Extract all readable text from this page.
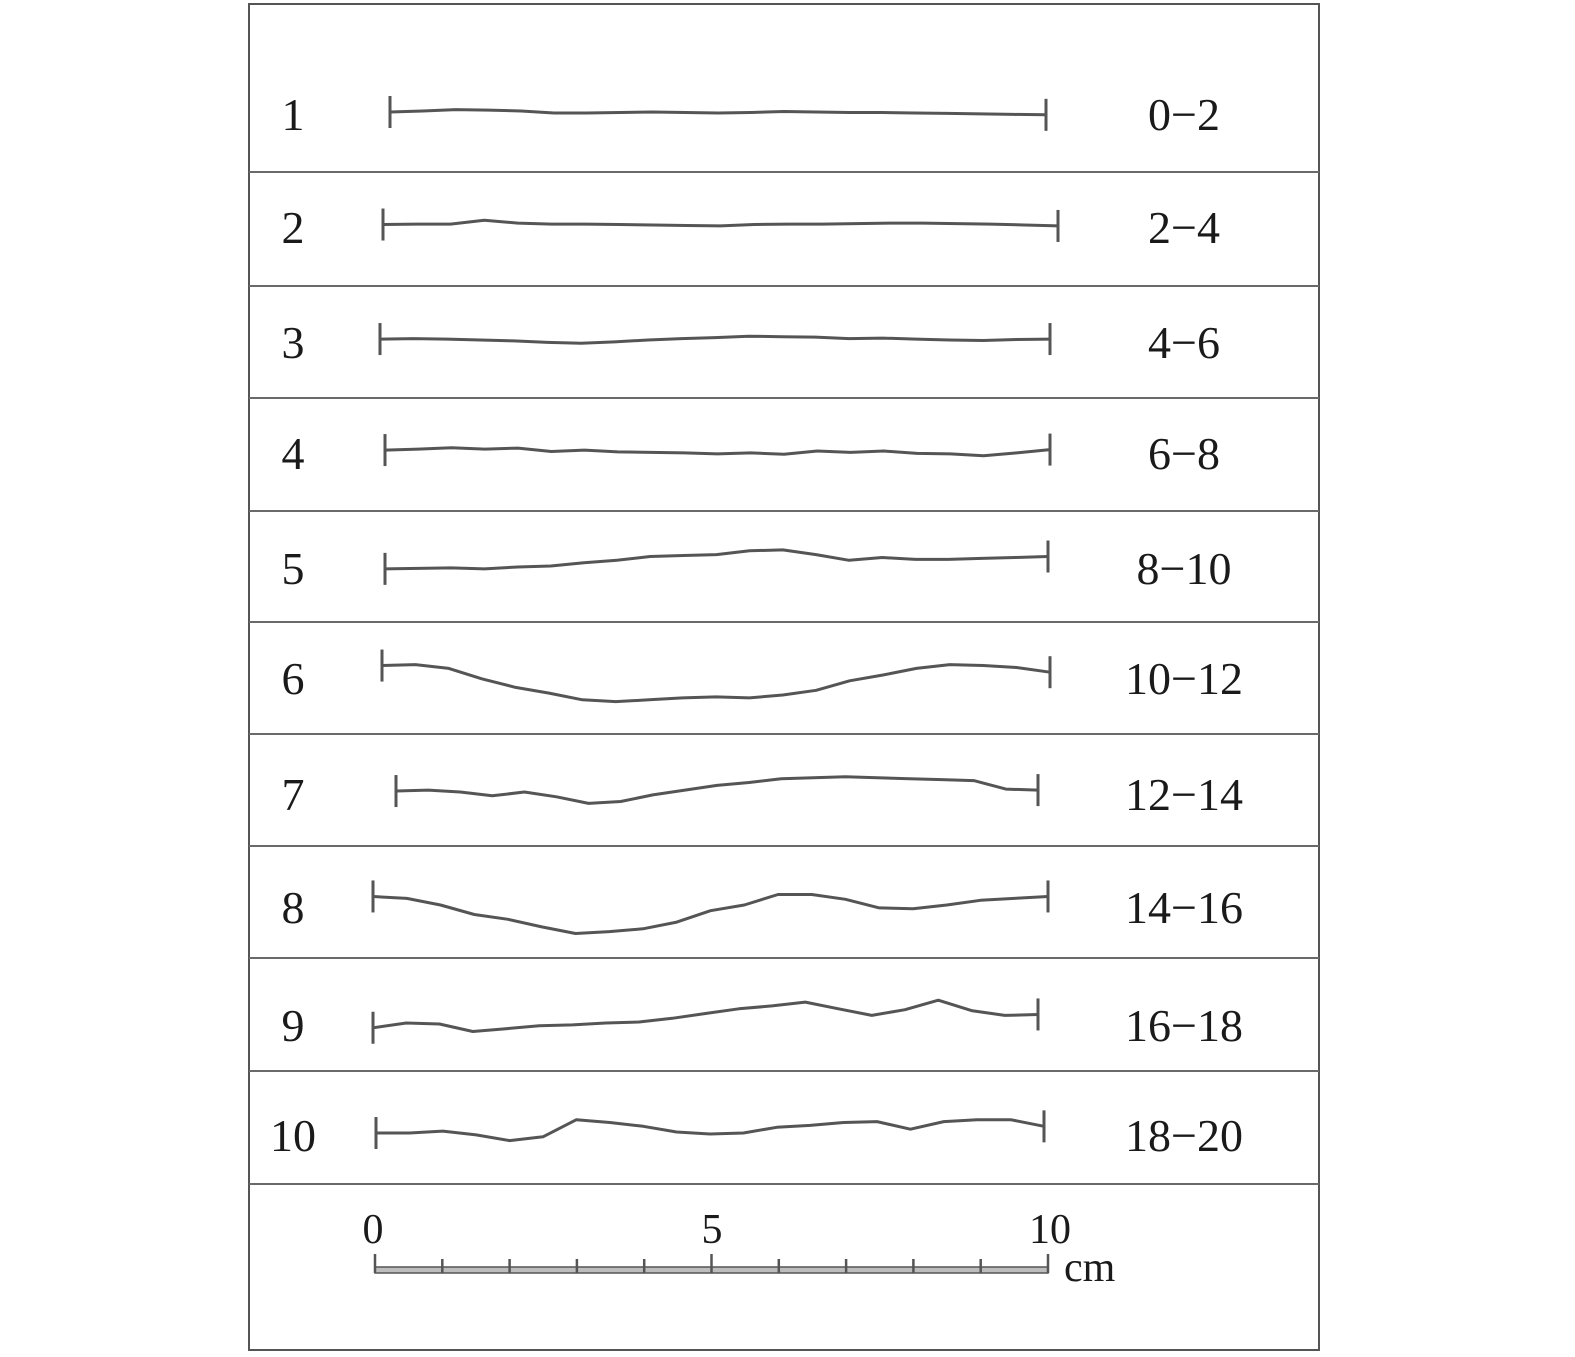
1	0−2
2	2−4
3	4−6
4	6−8
5	8−10
6	10−12
7	12−14
8	14−16
9	16−18
10	18−20
0	5	10
cm
